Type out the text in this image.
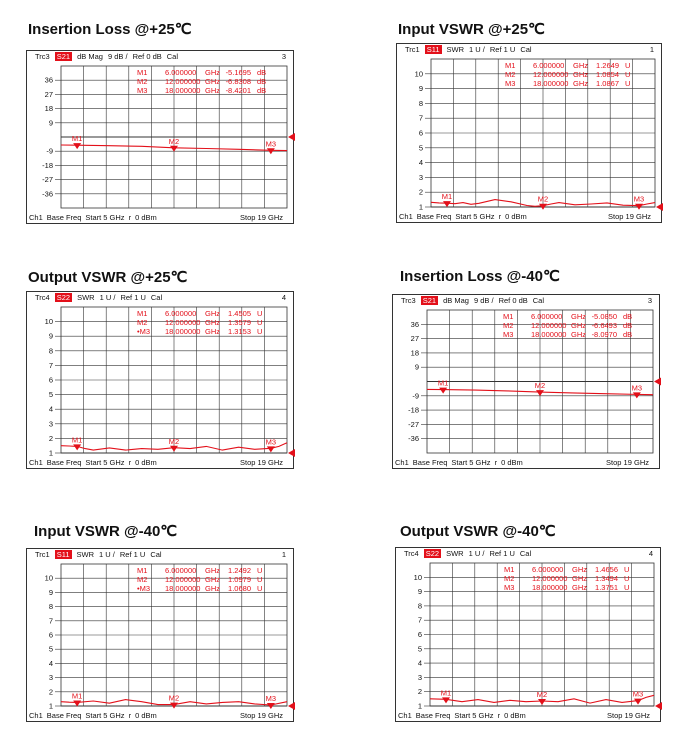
Insertion Loss @+25℃
Trc3 S21 dB Mag 9 dB / Ref 0 dB Cal	3
36
27
18
9
-9
-18
-27
-36
M1	M2	M3
M1 6.000000 GHz -5.1695 dB
M2 12.000000 GHz -6.8308 dB
M3 18.000000 GHz -8.4201 dB
Ch1 Base Freq Start 5 GHz r 0 dBm	Stop 19 GHz
Input VSWR @+25℃
Trc1 S11 SWR 1 U / Ref 1 U Cal	1
10
9
8
7
6
5
4
3
2
1
M1	M2	M3
M1 6.000000 GHz 1.2649 U
M2 12.000000 GHz 1.0854 U
M3 18.000000 GHz 1.0867 U
Ch1 Base Freq Start 5 GHz r 0 dBm	Stop 19 GHz
Output VSWR @+25℃
Trc4 S22 SWR 1 U / Ref 1 U Cal	4
10
9
8
7
6
5
4
3
2
1
M1	M2	M3
M1 6.000000 GHz 1.4505 U
M2 12.000000 GHz 1.3579 U
•M3 18.000000 GHz 1.3153 U
Ch1 Base Freq Start 5 GHz r 0 dBm	Stop 19 GHz
Insertion Loss @-40℃
Trc3 S21 dB Mag 9 dB / Ref 0 dB Cal	3
36
27
18
9
-9
-18
-27
-36
M1	M2	M3
M1 6.000000 GHz -5.0850 dB
M2 12.000000 GHz -6.6493 dB
M3 18.000000 GHz -8.0970 dB
Ch1 Base Freq Start 5 GHz r 0 dBm	Stop 19 GHz
Input VSWR @-40℃
Trc1 S11 SWR 1 U / Ref 1 U Cal	1
10
9
8
7
6
5
4
3
2
1
M1	M2	M3
M1 6.000000 GHz 1.2492 U
M2 12.000000 GHz 1.0979 U
•M3 18.000000 GHz 1.0680 U
Ch1 Base Freq Start 5 GHz r 0 dBm	Stop 19 GHz
Output VSWR @-40℃
Trc4 S22 SWR 1 U / Ref 1 U Cal	4
10
9
8
7
6
5
4
3
2
1
M1	M2	M3
M1 6.000000 GHz 1.4656 U
M2 12.000000 GHz 1.3494 U
M3 18.000000 GHz 1.3751 U
Ch1 Base Freq Start 5 GHz r 0 dBm	Stop 19 GHz
